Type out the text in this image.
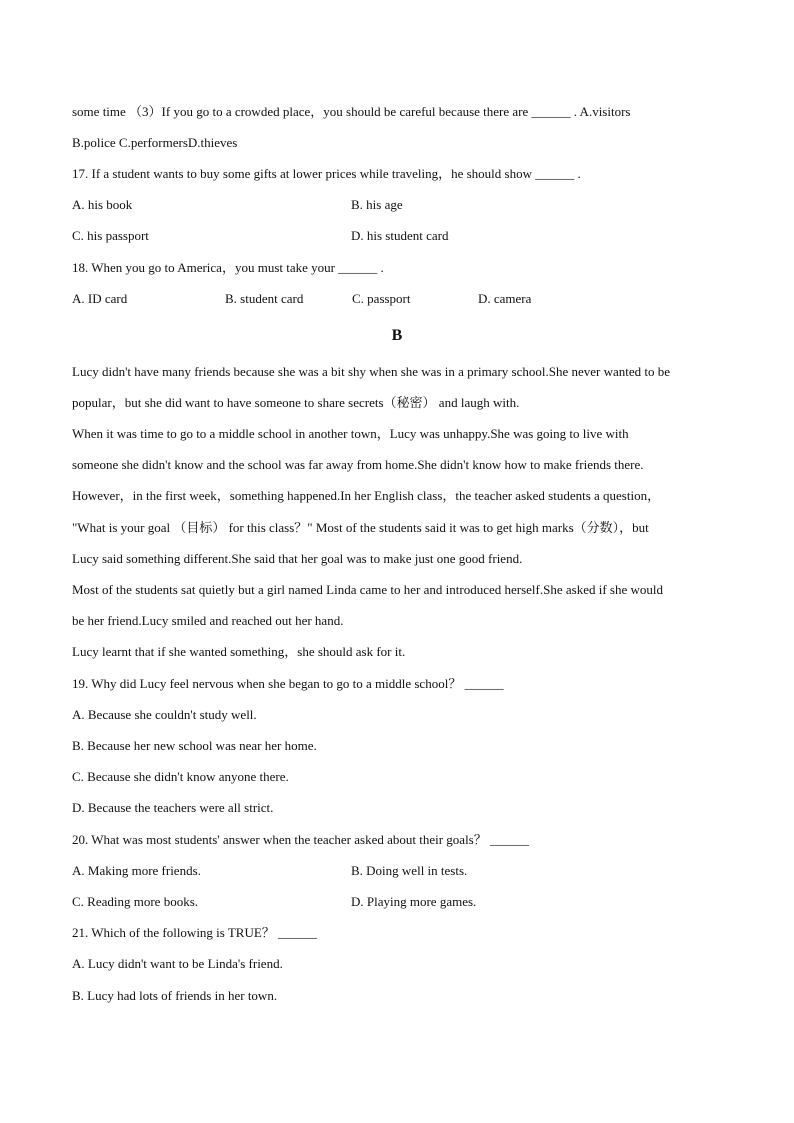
some time （3）If you go to a crowded place，you should be careful because there are ______ . A.visitors
B.police C.performersD.thieves
17. If a student wants to buy some gifts at lower prices while traveling，he should show ______ .
A. his book	B. his age
C. his passport	D. his student card
18. When you go to America，you must take your ______ .
A. ID card	B. student card	C. passport	D. camera
B
Lucy didn't have many friends because she was a bit shy when she was in a primary school.She never wanted to be
popular，but she did want to have someone to share secrets（秘密） and laugh with.
When it was time to go to a middle school in another town，Lucy was unhappy.She was going to live with
someone she didn't know and the school was far away from home.She didn't know how to make friends there.
However，in the first week，something happened.In her English class，the teacher asked students a question，
"What is your goal （目标） for this class？" Most of the students said it was to get high marks（分数），but
Lucy said something different.She said that her goal was to make just one good friend.
Most of the students sat quietly but a girl named Linda came to her and introduced herself.She asked if she would
be her friend.Lucy smiled and reached out her hand.
Lucy learnt that if she wanted something，she should ask for it.
19. Why did Lucy feel nervous when she began to go to a middle school？ ______
A. Because she couldn't study well.
B. Because her new school was near her home.
C. Because she didn't know anyone there.
D. Because the teachers were all strict.
20. What was most students' answer when the teacher asked about their goals？ ______
A. Making more friends.	B. Doing well in tests.
C. Reading more books.	D. Playing more games.
21. Which of the following is TRUE？ ______
A. Lucy didn't want to be Linda's friend.
B. Lucy had lots of friends in her town.
